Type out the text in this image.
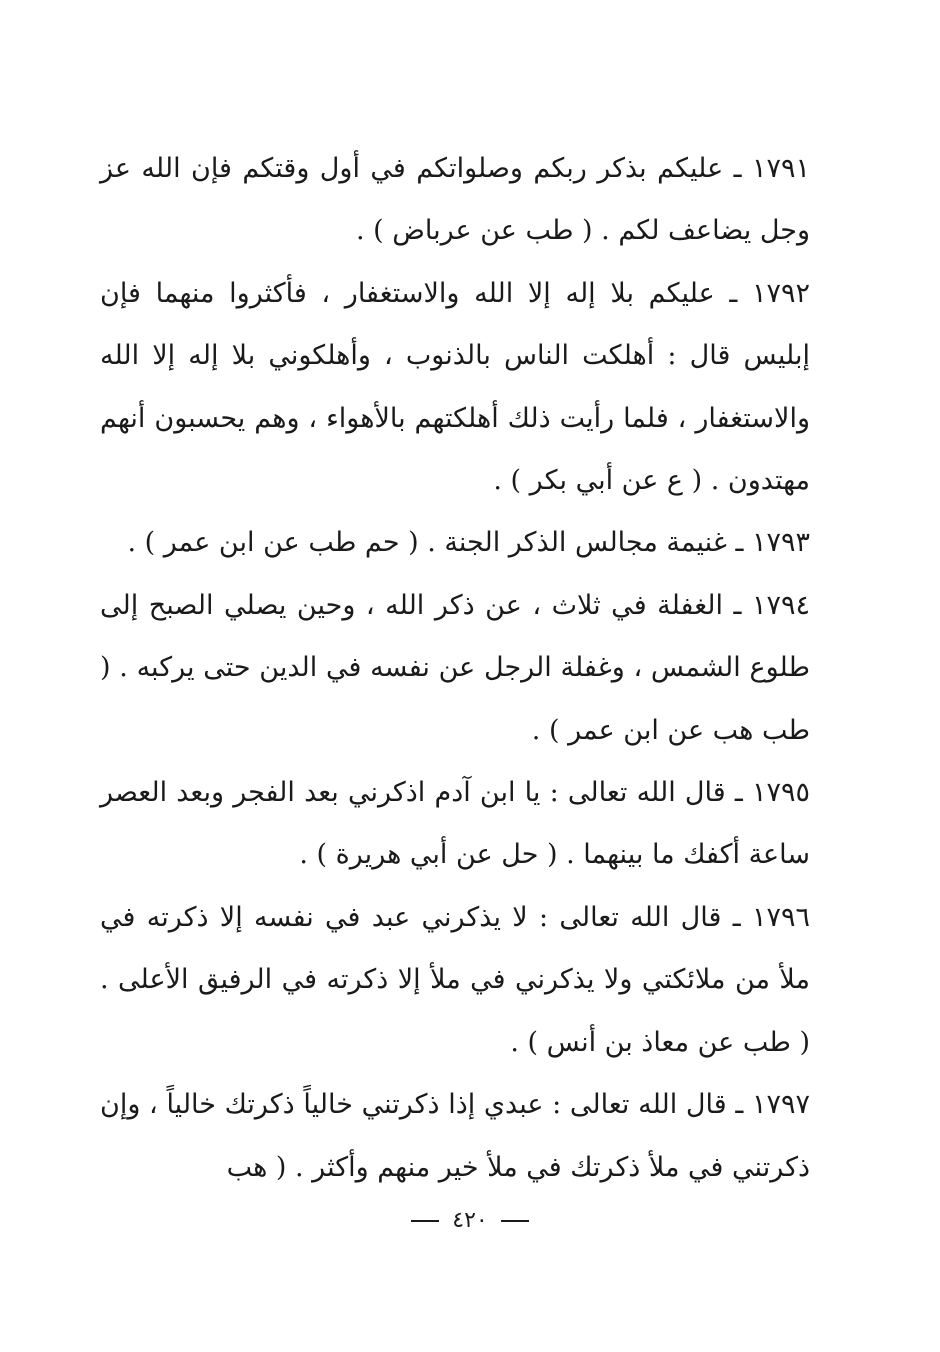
١٧٩١ ـ عليكم بذكر ربكم وصلواتكم في أول وقتكم فإن الله عز وجل يضاعف لكم . ( طب عن عرباض ) .

١٧٩٢ ـ عليكم بلا إله إلا الله والاستغفار ، فأكثروا منهما فإن إبليس قال : أهلكت الناس بالذنوب ، وأهلكوني بلا إله إلا الله والاستغفار ، فلما رأيت ذلك أهلكتهم بالأهواء ، وهم يحسبون أنهم مهتدون . ( ع عن أبي بكر ) .

١٧٩٣ ـ غنيمة مجالس الذكر الجنة . ( حم طب عن ابن عمر ) .

١٧٩٤ ـ الغفلة في ثلاث ، عن ذكر الله ، وحين يصلي الصبح إلى طلوع الشمس ، وغفلة الرجل عن نفسه في الدين حتى يركبه . ( طب هب عن ابن عمر ) .

١٧٩٥ ـ قال الله تعالى : يا ابن آدم اذكرني بعد الفجر وبعد العصر ساعة أكفك ما بينهما . ( حل عن أبي هريرة ) .

١٧٩٦ ـ قال الله تعالى : لا يذكرني عبد في نفسه إلا ذكرته في ملأ من ملائكتي ولا يذكرني في ملأ إلا ذكرته في الرفيق الأعلى . ( طب عن معاذ بن أنس ) .

١٧٩٧ ـ قال الله تعالى : عبدي إذا ذكرتني خالياً ذكرتك خالياً ، وإن ذكرتني في ملأ ذكرتك في ملأ خير منهم وأكثر . ( هب

٤٢٠
